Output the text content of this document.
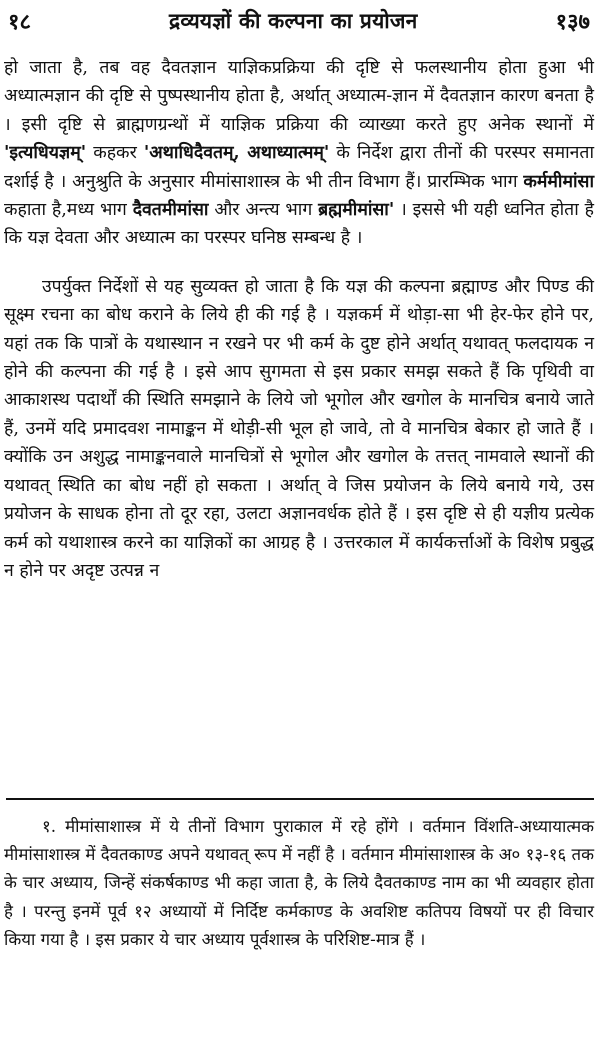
१८	द्रव्ययज्ञों की कल्पना का प्रयोजन	१३७

हो जाता है, तब वह दैवतज्ञान याज्ञिकप्रक्रिया की दृष्टि से फलस्थानीय होता हुआ भी अध्यात्मज्ञान की दृष्टि से पुष्पस्थानीय होता है, अर्थात् अध्यात्म-ज्ञान में दैवतज्ञान कारण बनता है । इसी दृष्टि से ब्राह्मणग्रन्थों में याज्ञिक प्रक्रिया की व्याख्या करते हुए अनेक स्थानों में 'इत्यधियज्ञम्' कहकर 'अथाधिदैवतम्, अथाध्यात्मम्' के निर्देश द्वारा तीनों की परस्पर समानता दर्शाई है । अनुश्रुति के अनुसार मीमांसाशास्त्र के भी तीन विभाग हैं। प्रारम्भिक भाग कर्ममीमांसा कहाता है,मध्य भाग दैवतमीमांसा और अन्त्य भाग ब्रह्ममीमांसा' । इससे भी यही ध्वनित होता है कि यज्ञ देवता और अध्यात्म का परस्पर घनिष्ठ सम्बन्ध है ।

उपर्युक्त निर्देशों से यह सुव्यक्त हो जाता है कि यज्ञ की कल्पना ब्रह्माण्ड और पिण्ड की सूक्ष्म रचना का बोध कराने के लिये ही की गई है । यज्ञकर्म में थोड़ा-सा भी हेर-फेर होने पर, यहां तक कि पात्रों के यथास्थान न रखने पर भी कर्म के दुष्ट होने अर्थात् यथावत् फलदायक न होने की कल्पना की गई है । इसे आप सुगमता से इस प्रकार समझ सकते हैं कि पृथिवी वा आकाशस्थ पदार्थों की स्थिति समझाने के लिये जो भूगोल और खगोल के मानचित्र बनाये जाते हैं, उनमें यदि प्रमादवश नामाङ्कन में थोड़ी-सी भूल हो जावे, तो वे मानचित्र बेकार हो जाते हैं । क्योंकि उन अशुद्ध नामाङ्कनवाले मानचित्रों से भूगोल और खगोल के तत्तत् नामवाले स्थानों की यथावत् स्थिति का बोध नहीं हो सकता । अर्थात् वे जिस प्रयोजन के लिये बनाये गये, उस प्रयोजन के साधक होना तो दूर रहा, उलटा अज्ञानवर्धक होते हैं । इस दृष्टि से ही यज्ञीय प्रत्येक कर्म को यथाशास्त्र करने का याज्ञिकों का आग्रह है । उत्तरकाल में कार्यकर्त्ताओं के विशेष प्रबुद्ध न होने पर अदृष्ट उत्पन्न न

१. मीमांसाशास्त्र में ये तीनों विभाग पुराकाल में रहे होंगे । वर्तमान विंशति-अध्यायात्मक मीमांसाशास्त्र में दैवतकाण्ड अपने यथावत् रूप में नहीं है । वर्तमान मीमांसाशास्त्र के अ० १३-१६ तक के चार अध्याय, जिन्हें संकर्षकाण्ड भी कहा जाता है, के लिये दैवतकाण्ड नाम का भी व्यवहार होता है । परन्तु इनमें पूर्व १२ अध्यायों में निर्दिष्ट कर्मकाण्ड के अवशिष्ट कतिपय विषयों पर ही विचार किया गया है । इस प्रकार ये चार अध्याय पूर्वशास्त्र के परिशिष्ट-मात्र हैं ।
